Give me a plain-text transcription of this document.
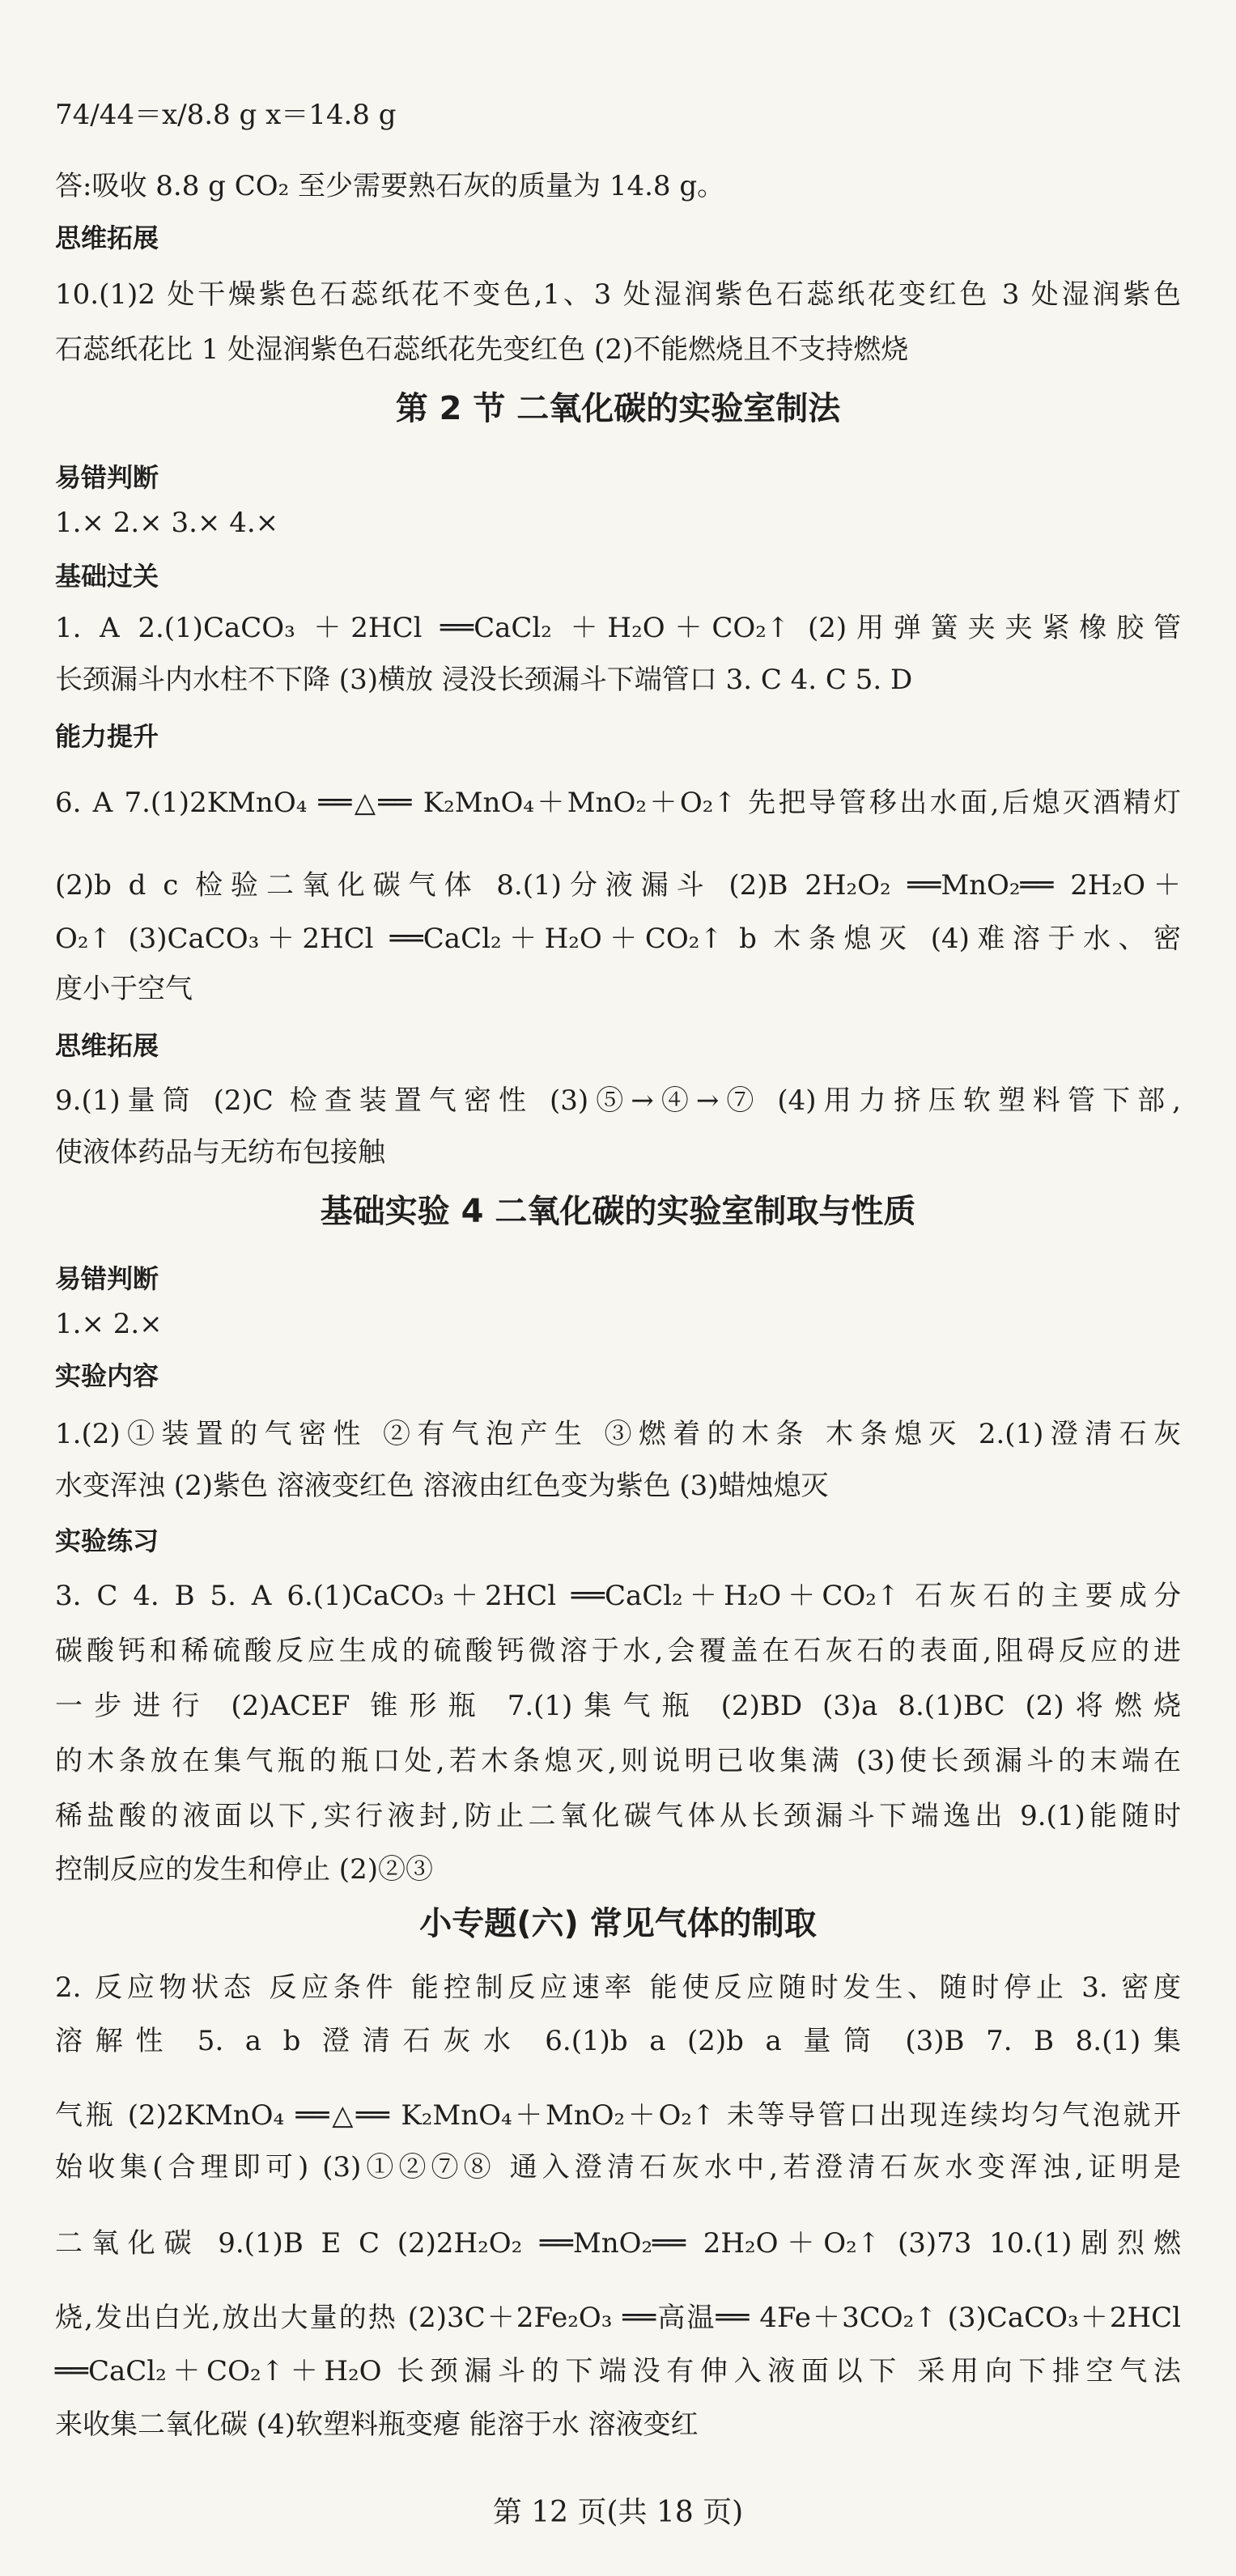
74/44＝x/8.8 g x＝14.8 g
答:吸收 8.8 g CO₂ 至少需要熟石灰的质量为 14.8 g。
思维拓展
10.(1)2 处干燥紫色石蕊纸花不变色,1、3 处湿润紫色石蕊纸花变红色 3 处湿润紫色
石蕊纸花比 1 处湿润紫色石蕊纸花先变红色 (2)不能燃烧且不支持燃烧
易错判断
1.× 2.× 3.× 4.×
基础过关
1. A 2.(1)CaCO₃ ＋2HCl ══CaCl₂ ＋H₂O＋CO₂↑ (2)用弹簧夹夹紧橡胶管
长颈漏斗内水柱不下降 (3)横放 浸没长颈漏斗下端管口 3. C 4. C 5. D
能力提升
6. A 7.(1)2KMnO₄ ══△══ K₂MnO₄＋MnO₂＋O₂↑ 先把导管移出水面,后熄灭酒精灯
(2)b d c 检验二氧化碳气体 8.(1)分液漏斗 (2)B 2H₂O₂ ══MnO₂══ 2H₂O＋
O₂↑ (3)CaCO₃＋2HCl ══CaCl₂＋H₂O＋CO₂↑ b 木条熄灭 (4)难溶于水、密
度小于空气
思维拓展
9.(1)量筒 (2)C 检查装置气密性 (3)⑤→④→⑦ (4)用力挤压软塑料管下部,
使液体药品与无纺布包接触
易错判断
1.× 2.×
实验内容
1.(2)①装置的气密性 ②有气泡产生 ③燃着的木条 木条熄灭 2.(1)澄清石灰
水变浑浊 (2)紫色 溶液变红色 溶液由红色变为紫色 (3)蜡烛熄灭
实验练习
3. C 4. B 5. A 6.(1)CaCO₃＋2HCl ══CaCl₂＋H₂O＋CO₂↑ 石灰石的主要成分
碳酸钙和稀硫酸反应生成的硫酸钙微溶于水,会覆盖在石灰石的表面,阻碍反应的进
一步进行 (2)ACEF 锥形瓶 7.(1)集气瓶 (2)BD (3)a 8.(1)BC (2)将燃烧
的木条放在集气瓶的瓶口处,若木条熄灭,则说明已收集满 (3)使长颈漏斗的末端在
稀盐酸的液面以下,实行液封,防止二氧化碳气体从长颈漏斗下端逸出 9.(1)能随时
控制反应的发生和停止 (2)②③
2. 反应物状态 反应条件 能控制反应速率 能使反应随时发生、随时停止 3. 密度
溶解性 5. a b 澄清石灰水 6.(1)b a (2)b a 量筒 (3)B 7. B 8.(1)集
气瓶 (2)2KMnO₄ ══△══ K₂MnO₄＋MnO₂＋O₂↑ 未等导管口出现连续均匀气泡就开
始收集(合理即可) (3)①②⑦⑧ 通入澄清石灰水中,若澄清石灰水变浑浊,证明是
二氧化碳 9.(1)B E C (2)2H₂O₂ ══MnO₂══ 2H₂O＋O₂↑ (3)73 10.(1)剧烈燃
烧,发出白光,放出大量的热 (2)3C＋2Fe₂O₃ ══高温══ 4Fe＋3CO₂↑ (3)CaCO₃＋2HCl
══CaCl₂＋CO₂↑＋H₂O 长颈漏斗的下端没有伸入液面以下 采用向下排空气法
来收集二氧化碳 (4)软塑料瓶变瘪 能溶于水 溶液变红
第 2 节 二氧化碳的实验室制法
基础实验 4 二氧化碳的实验室制取与性质
小专题(六) 常见气体的制取
第 12 页(共 18 页)
